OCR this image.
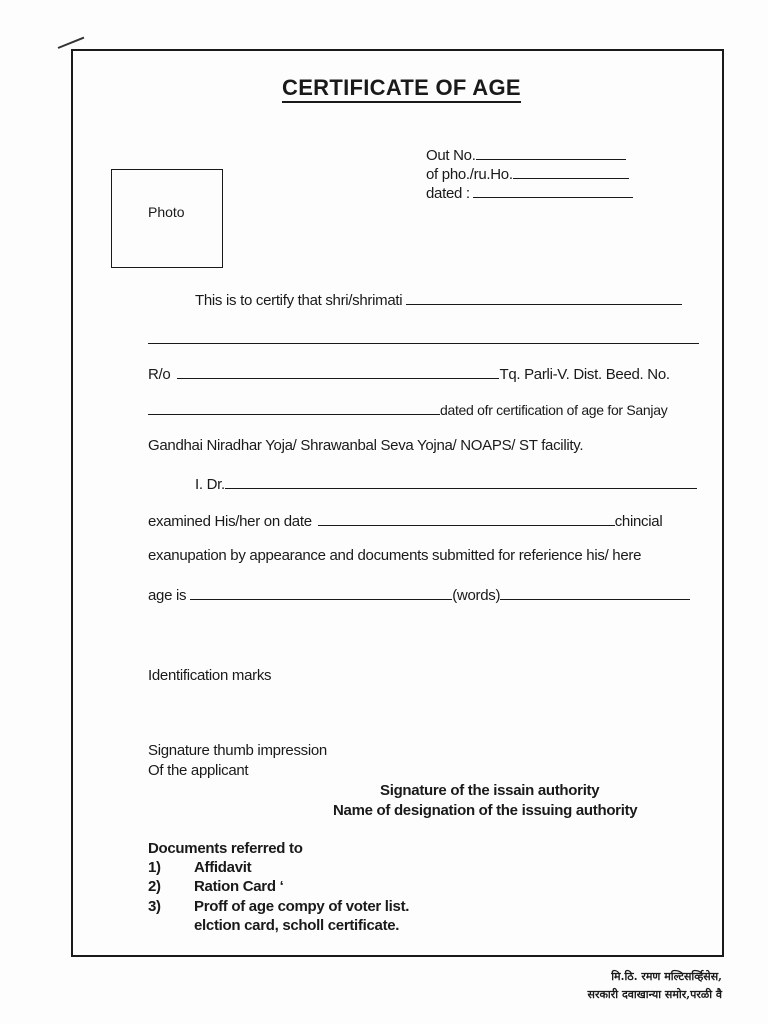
CERTIFICATE OF AGE
Out No.
of pho./ru.Ho.
dated :
Photo
This is to certify that shri/shrimati
R/o	Tq. Parli-V. Dist. Beed. No.
dated ofr certification of age for Sanjay
Gandhai Niradhar Yoja/ Shrawanbal Seva Yojna/ NOAPS/ ST facility.
I. Dr.
examined His/her on date	chincial
exanupation by appearance and documents submitted for referience his/ here
age is	(words)
Identification marks
Signature thumb impression
Of the applicant
Signature of the issain authority
Name of designation of the issuing authority
Documents referred to
1) Affidavit
2) Ration Card ‘
3) Proff of age compy of voter list.
elction card, scholl certificate.
मि.ठि. रमण मल्टिसर्व्हिसेस,
सरकारी दवाखान्या समोर,परळी वै
